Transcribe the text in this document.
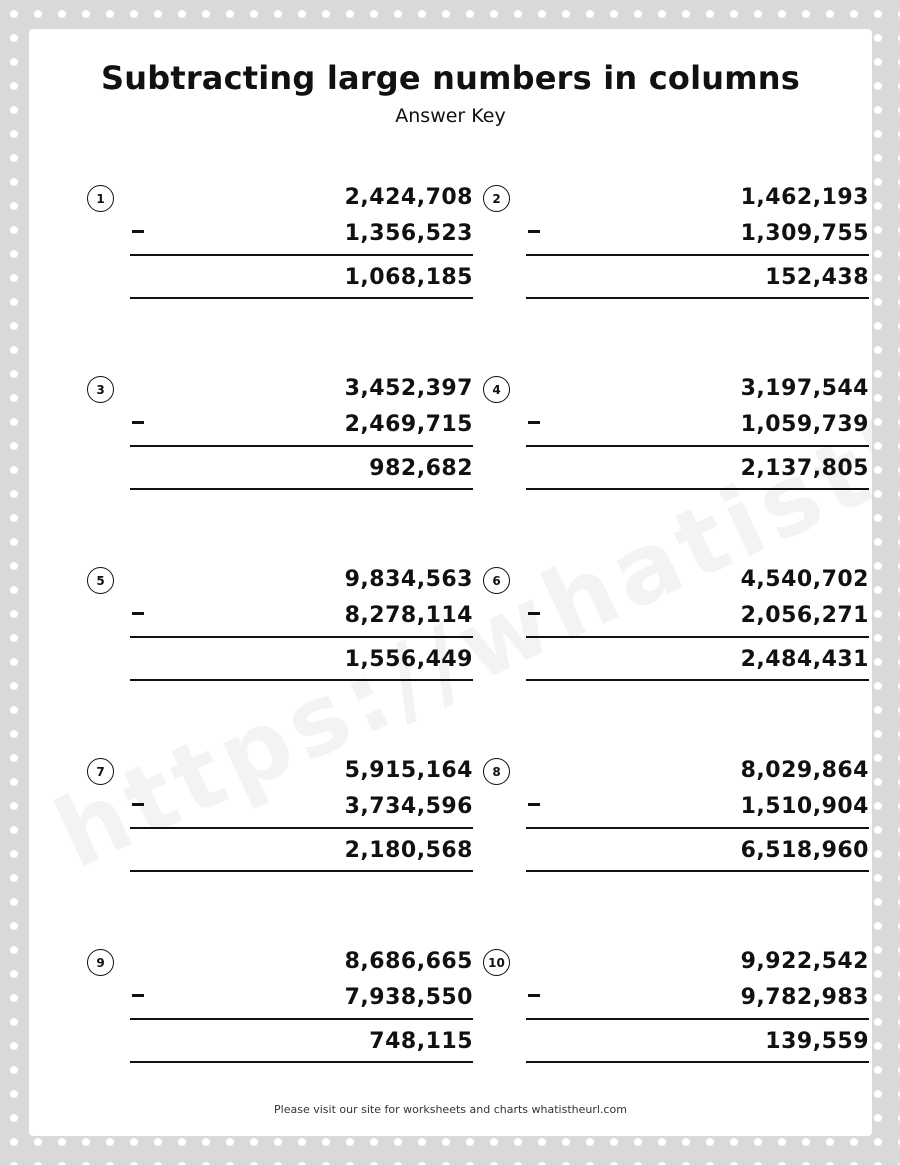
Subtracting large numbers in columns
Answer Key
1	2,424,708
1,356,523
1,068,185
2	1,462,193
1,309,755
152,438
3	3,452,397
2,469,715
982,682
4	3,197,544
1,059,739
2,137,805
5	9,834,563
8,278,114
1,556,449
6	4,540,702
2,056,271
2,484,431
7	5,915,164
3,734,596
2,180,568
8	8,029,864
1,510,904
6,518,960
9	8,686,665
7,938,550
748,115
10	9,922,542
9,782,983
139,559
Please visit our site for worksheets and charts whatistheurl.com
